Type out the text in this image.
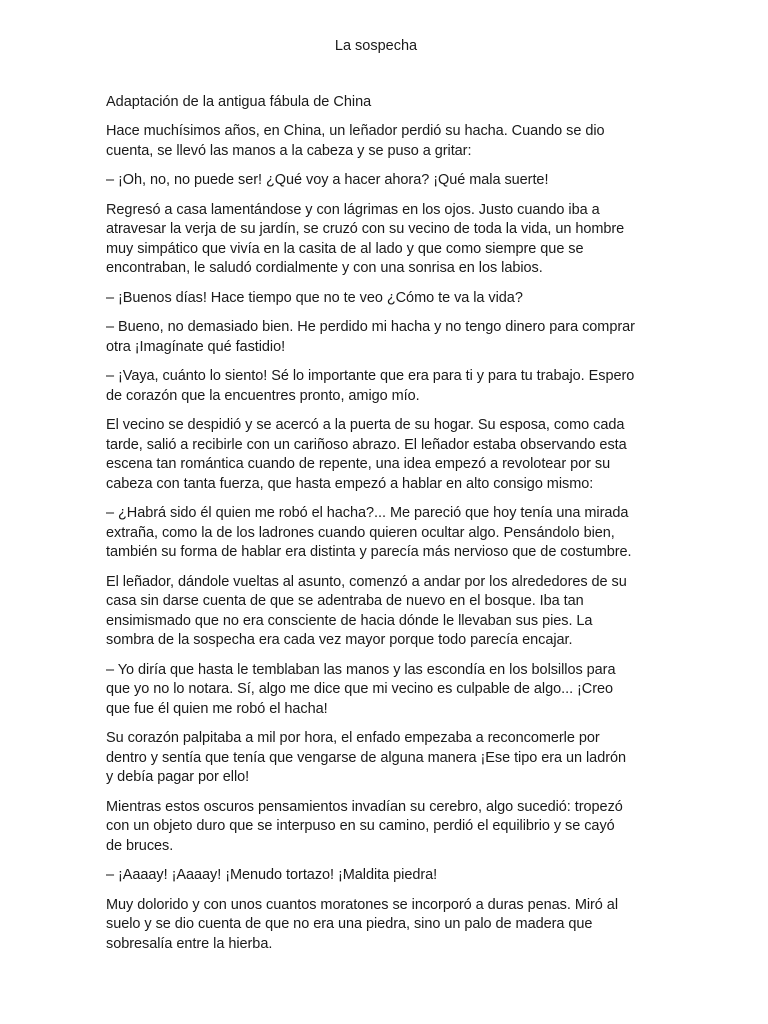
La sospecha
Adaptación de la antigua fábula de China
Hace muchísimos años, en China, un leñador perdió su hacha. Cuando se dio
cuenta, se llevó las manos a la cabeza y se puso a gritar:
– ¡Oh, no, no puede ser! ¿Qué voy a hacer ahora? ¡Qué mala suerte!
Regresó a casa lamentándose y con lágrimas en los ojos. Justo cuando iba a
atravesar la verja de su jardín, se cruzó con su vecino de toda la vida, un hombre
muy simpático que vivía en la casita de al lado y que como siempre que se
encontraban, le saludó cordialmente y con una sonrisa en los labios.
– ¡Buenos días! Hace tiempo que no te veo ¿Cómo te va la vida?
– Bueno, no demasiado bien. He perdido mi hacha y no tengo dinero para comprar
otra ¡Imagínate qué fastidio!
– ¡Vaya, cuánto lo siento! Sé lo importante que era para ti y para tu trabajo. Espero
de corazón que la encuentres pronto, amigo mío.
El vecino se despidió y se acercó a la puerta de su hogar. Su esposa, como cada
tarde, salió a recibirle con un cariñoso abrazo. El leñador estaba observando esta
escena tan romántica cuando de repente, una idea empezó a revolotear por su
cabeza con tanta fuerza, que hasta empezó a hablar en alto consigo mismo:
– ¿Habrá sido él quien me robó el hacha?... Me pareció que hoy tenía una mirada
extraña, como la de los ladrones cuando quieren ocultar algo. Pensándolo bien,
también su forma de hablar era distinta y parecía más nervioso que de costumbre.
El leñador, dándole vueltas al asunto, comenzó a andar por los alrededores de su
casa sin darse cuenta de que se adentraba de nuevo en el bosque. Iba tan
ensimismado que no era consciente de hacia dónde le llevaban sus pies. La
sombra de la sospecha era cada vez mayor porque todo parecía encajar.
– Yo diría que hasta le temblaban las manos y las escondía en los bolsillos para
que yo no lo notara. Sí, algo me dice que mi vecino es culpable de algo... ¡Creo
que fue él quien me robó el hacha!
Su corazón palpitaba a mil por hora, el enfado empezaba a reconcomerle por
dentro y sentía que tenía que vengarse de alguna manera ¡Ese tipo era un ladrón
y debía pagar por ello!
Mientras estos oscuros pensamientos invadían su cerebro, algo sucedió: tropezó
con un objeto duro que se interpuso en su camino, perdió el equilibrio y se cayó
de bruces.
– ¡Aaaay! ¡Aaaay! ¡Menudo tortazo! ¡Maldita piedra!
Muy dolorido y con unos cuantos moratones se incorporó a duras penas. Miró al
suelo y se dio cuenta de que no era una piedra, sino un palo de madera que
sobresalía entre la hierba.
